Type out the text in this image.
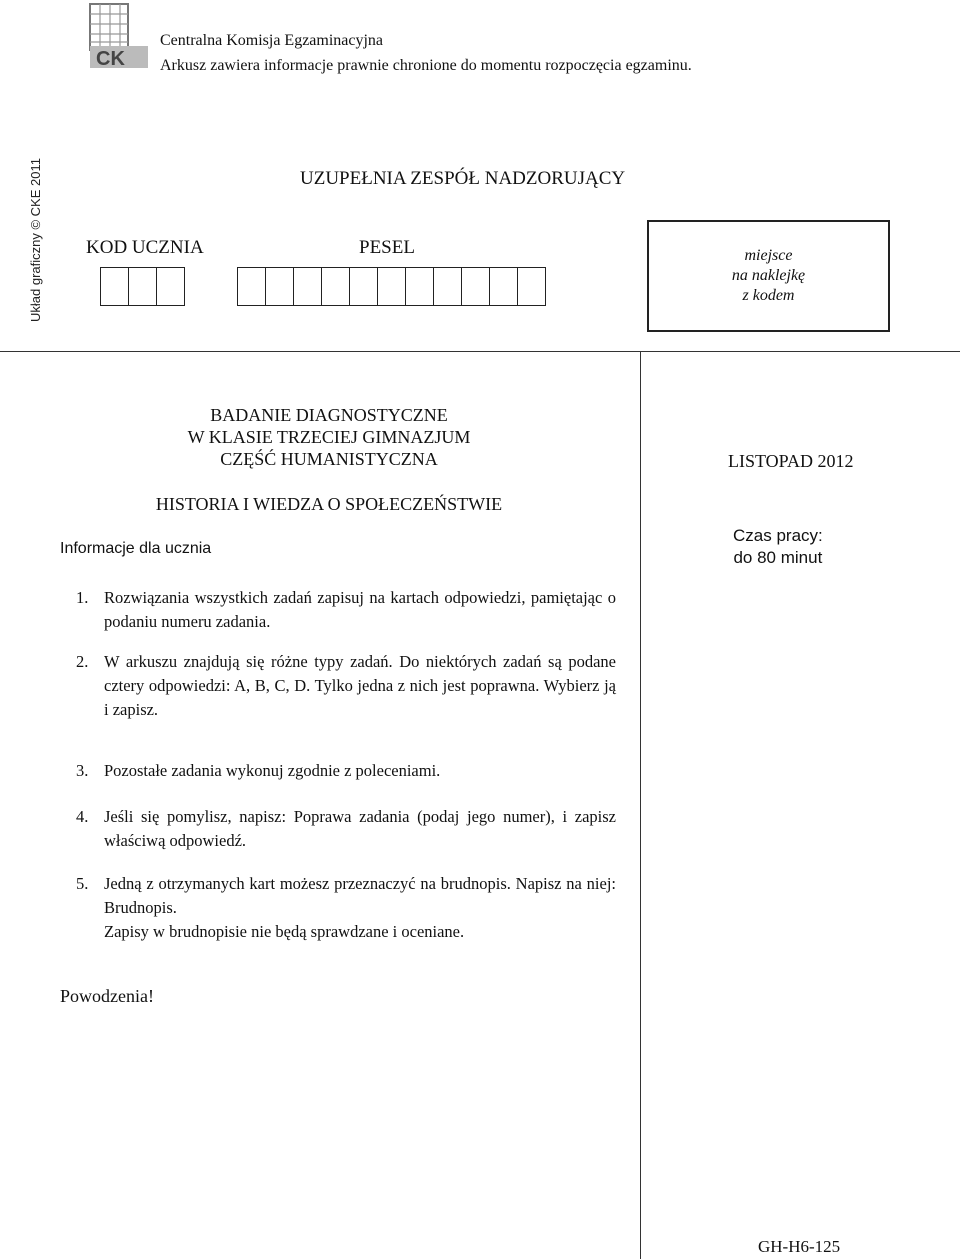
CK
Centralna Komisja Egzaminacyjna
Arkusz zawiera informacje prawnie chronione do momentu rozpoczęcia egzaminu.
Układ graficzny © CKE 2011	UZUPEŁNIA ZESPÓŁ NADZORUJĄCY
KOD UCZNIA	PESEL	miejsce
na naklejkę
z kodem
BADANIE DIAGNOSTYCZNE
W KLASIE TRZECIEJ GIMNAZJUM
CZĘŚĆ HUMANISTYCZNA	LISTOPAD 2012
HISTORIA I WIEDZA O SPOŁECZEŃSTWIE
Czas pracy:
do 80 minut
Informacje dla ucznia
1. Rozwiązania wszystkich zadań zapisuj na kartach odpowiedzi, pamiętając o podaniu numeru zadania.
2. W arkuszu znajdują się różne typy zadań. Do niektórych zadań są podane cztery odpowiedzi: A, B, C, D. Tylko jedna z nich jest poprawna. Wybierz ją i zapisz.
3. Pozostałe zadania wykonuj zgodnie z poleceniami.
4. Jeśli się pomylisz, napisz: Poprawa zadania (podaj jego numer), i zapisz właściwą odpowiedź.
5. Jedną z otrzymanych kart możesz przeznaczyć na brudnopis. Napisz na niej: Brudnopis.
Zapisy w brudnopisie nie będą sprawdzane i oceniane.
Powodzenia!
GH-H6-125
